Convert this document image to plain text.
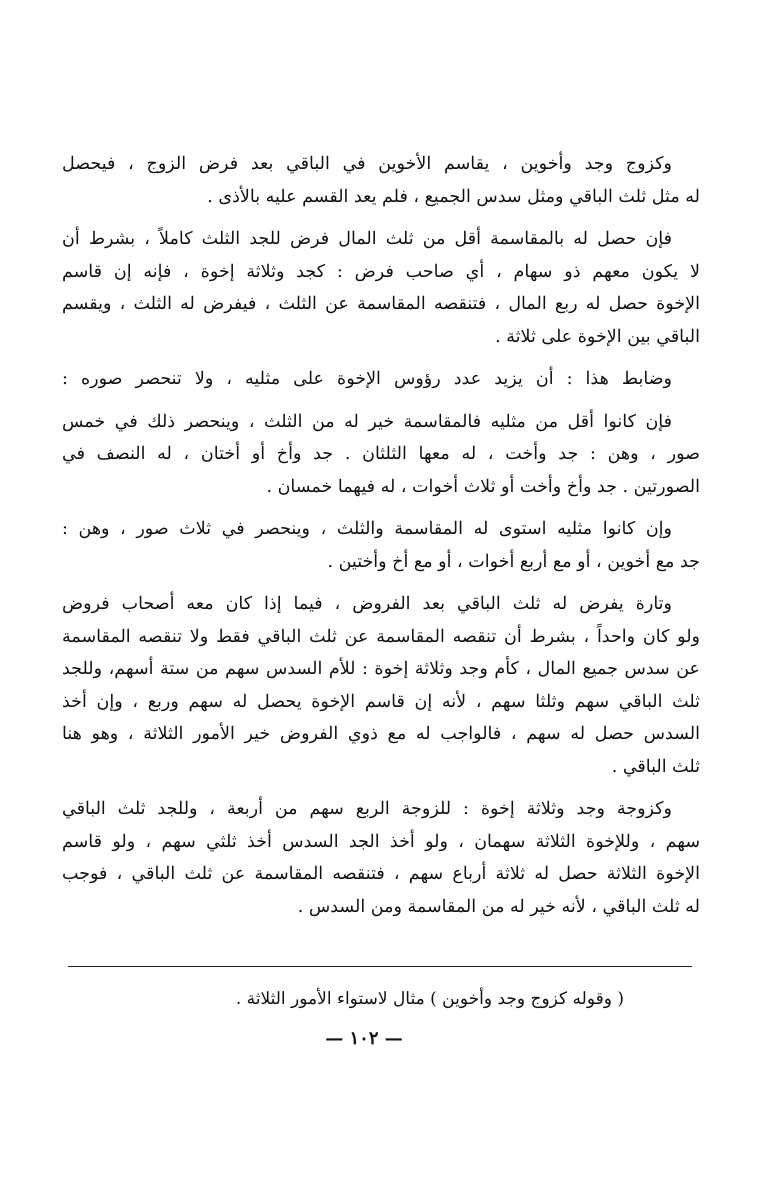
وكزوج وجد وأخوين ، يقاسم الأخوين في الباقي بعد فرض الزوج ، فيحصل
له مثل ثلث الباقي ومثل سدس الجميع ، فلم يعد القسم عليه بالأذى .
فإن حصل له بالمقاسمة أقل من ثلث المال فرض للجد الثلث كاملاً ، بشرط أن
لا يكون معهم ذو سهام ، أي صاحب فرض : كجد وثلاثة إخوة ، فإنه إن قاسم
الإخوة حصل له ربع المال ، فتنقصه المقاسمة عن الثلث ، فيفرض له الثلث ، ويقسم
الباقي بين الإخوة على ثلاثة .
وضابط هذا : أن يزيد عدد رؤوس الإخوة على مثليه ، ولا تنحصر صوره :
فإن كانوا أقل من مثليه فالمقاسمة خير له من الثلث ، وينحصر ذلك في خمس
صور ، وهن : جد وأخت ، له معها الثلثان . جد وأخ أو أختان ، له النصف في
الصورتين . جد وأخ وأخت أو ثلاث أخوات ، له فيهما خمسان .
وإن كانوا مثليه استوى له المقاسمة والثلث ، وينحصر في ثلاث صور ، وهن :
جد مع أخوين ، أو مع أربع أخوات ، أو مع أخ وأختين .
وتارة يفرض له ثلث الباقي بعد الفروض ، فيما إذا كان معه أصحاب فروض
ولو كان واحداً ، بشرط أن تنقصه المقاسمة عن ثلث الباقي فقط ولا تنقصه المقاسمة
عن سدس جميع المال ، كأم وجد وثلاثة إخوة : للأم السدس سهم من ستة أسهم، وللجد
ثلث الباقي سهم وثلثا سهم ، لأنه إن قاسم الإخوة يحصل له سهم وربع ، وإن أخذ
السدس حصل له سهم ، فالواجب له مع ذوي الفروض خير الأمور الثلاثة ، وهو هنا
ثلث الباقي .
وكزوجة وجد وثلاثة إخوة : للزوجة الربع سهم من أربعة ، وللجد ثلث الباقي
سهم ، وللإخوة الثلاثة سهمان ، ولو أخذ الجد السدس أخذ ثلثي سهم ، ولو قاسم
الإخوة الثلاثة حصل له ثلاثة أرباع سهم ، فتنقصه المقاسمة عن ثلث الباقي ، فوجب
له ثلث الباقي ، لأنه خير له من المقاسمة ومن السدس .
( وقوله كزوج وجد وأخوين ) مثال لاستواء الأمور الثلاثة .
— ١٠٢ —
